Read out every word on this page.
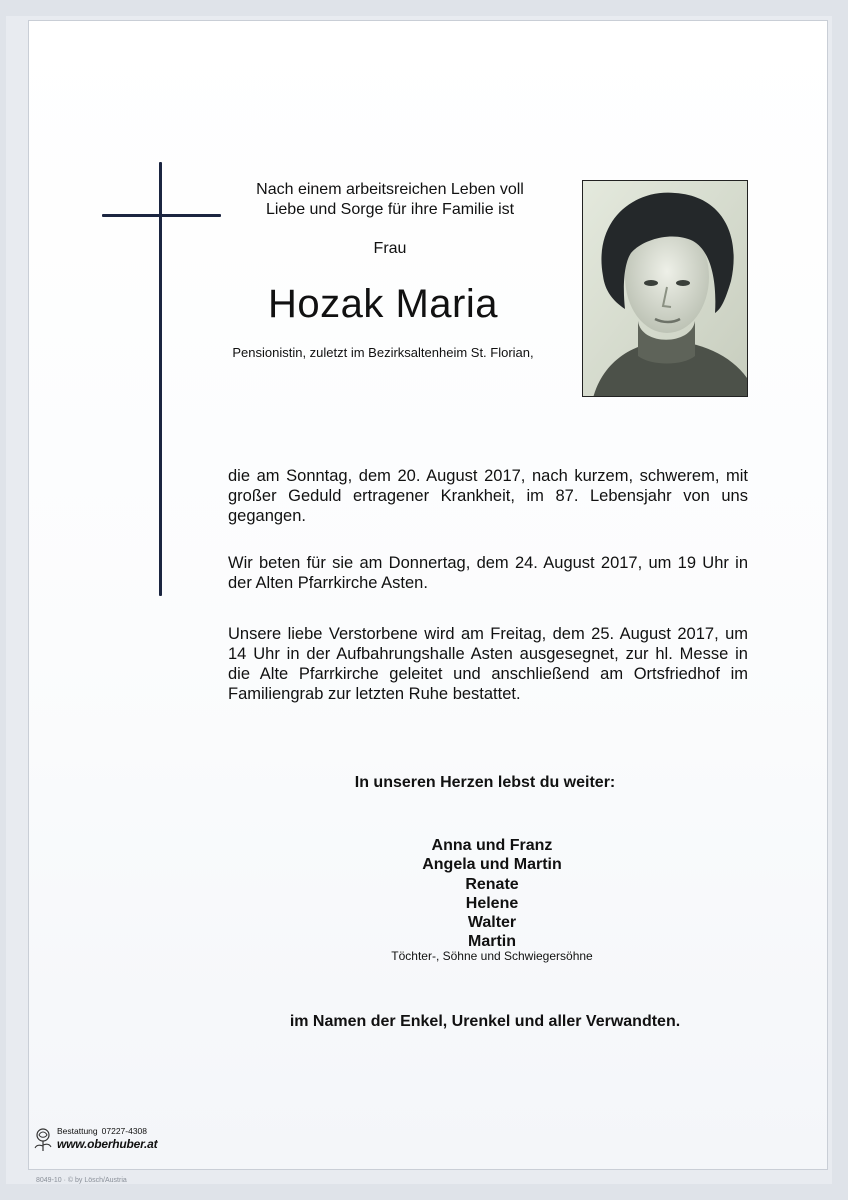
Nach einem arbeitsreichen Leben voll
Liebe und Sorge für ihre Familie ist
Frau
Hozak Maria
Pensionistin, zuletzt im Bezirksaltenheim St. Florian,
die am Sonntag, dem 20. August 2017, nach kurzem, schwerem, mit großer Geduld ertragener Krankheit, im 87. Lebensjahr von uns gegangen.
Wir beten für sie am Donnertag, dem 24. August 2017, um 19 Uhr in der Alten Pfarrkirche Asten.
Unsere liebe Verstorbene wird am Freitag, dem 25. August 2017, um 14 Uhr in der Aufbahrungshalle Asten ausgesegnet, zur hl. Messe in die Alte Pfarrkirche geleitet und anschließend am Ortsfriedhof im Familiengrab zur letzten Ruhe bestattet.
In unseren Herzen lebst du weiter:
Anna und Franz
Angela und Martin
Renate
Helene
Walter
Martin
Töchter-, Söhne und Schwiegersöhne
im Namen der Enkel, Urenkel und aller Verwandten.
Bestattung 07227-4308
www.oberhuber.at
8049-10 · © by Lösch/Austria
